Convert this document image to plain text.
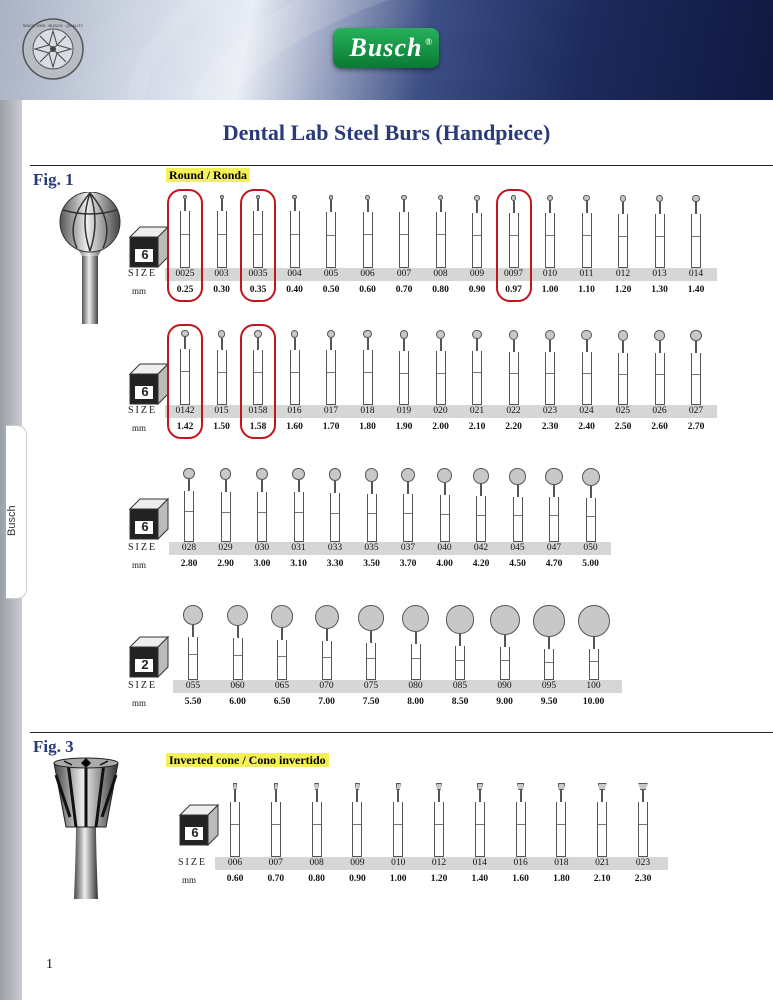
SINCE 1905 · BUSCH · QUALITY
Busch ®
Busch
Dental Lab Steel Burs (Handpiece)
Fig. 1	Round / Ronda
Fig. 3
Inverted cone / Cono invertido
6
SIZE
mm
0025
0.25
003
0.30
0035
0.35
004
0.40
005
0.50
006
0.60
007
0.70
008
0.80
009
0.90
0097
0.97
010
1.00
011
1.10
012
1.20
013
1.30
014
1.40
6
SIZE
mm
0142
1.42
015
1.50
0158
1.58
016
1.60
017
1.70
018
1.80
019
1.90
020
2.00
021
2.10
022
2.20
023
2.30
024
2.40
025
2.50
026
2.60
027
2.70
6
SIZE
mm
028
2.80
029
2.90
030
3.00
031
3.10
033
3.30
035
3.50
037
3.70
040
4.00
042
4.20
045
4.50
047
4.70
050
5.00
2
SIZE
mm
055
5.50
060
6.00
065
6.50
070
7.00
075
7.50
080
8.00
085
8.50
090
9.00
095
9.50
100
10.00
6
SIZE
mm
006
0.60
007
0.70
008
0.80
009
0.90
010
1.00
012
1.20
014
1.40
016
1.60
018
1.80
021
2.10
023
2.30
1
